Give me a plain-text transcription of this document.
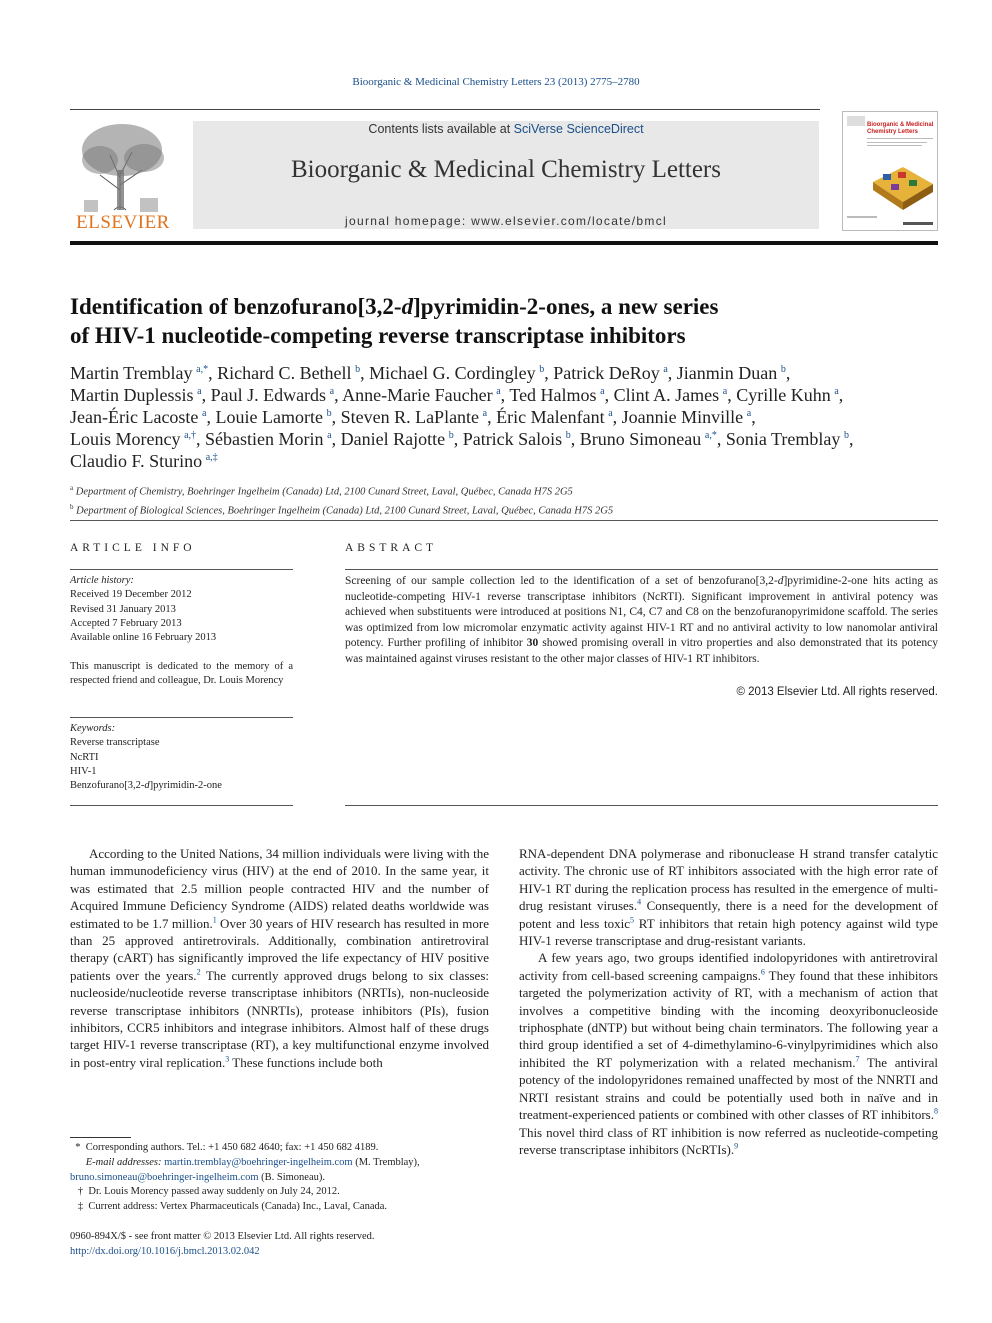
Bioorganic & Medicinal Chemistry Letters 23 (2013) 2775–2780
ELSEVIER
Contents lists available at SciVerse ScienceDirect
Bioorganic & Medicinal Chemistry Letters
journal homepage: www.elsevier.com/locate/bmcl
Bioorganic & Medicinal
Chemistry Letters
Identification of benzofurano[3,2-d]pyrimidin-2-ones, a new series
of HIV-1 nucleotide-competing reverse transcriptase inhibitors
Martin Tremblay  $^{a,*}$, Richard C. Bethell  $^b$, Michael G. Cordingley  $^b$, Patrick DeRoy  $^a$, Jianmin Duan  $^b$,
Martin Duplessis  $^a$, Paul J. Edwards  $^a$, Anne-Marie Faucher  $^a$, Ted Halmos  $^a$, Clint A. James  $^a$, Cyrille Kuhn  $^a$,
Jean-Éric Lacoste  $^a$, Louie Lamorte  $^b$, Steven R. LaPlante  $^a$, Éric Malenfant  $^a$, Joannie Minville  $^a$,
Louis Morency  $^{a,\dagger}$, Sébastien Morin  $^a$, Daniel Rajotte  $^b$, Patrick Salois  $^b$, Bruno Simoneau  $^{a,*}$, Sonia Tremblay  $^b$,
Claudio F. Sturino  $^{a,\ddagger}$
$^a$ Department of Chemistry, Boehringer Ingelheim (Canada) Ltd, 2100 Cunard Street, Laval, Québec, Canada H7S 2G5
$^b$ Department of Biological Sciences, Boehringer Ingelheim (Canada) Ltd, 2100 Cunard Street, Laval, Québec, Canada H7S 2G5
ARTICLE INFO	ABSTRACT
Article history:
Received 19 December 2012
Revised 31 January 2013
Accepted 7 February 2013
Available online 16 February 2013
This manuscript is dedicated to the memory of a respected friend and colleague, Dr. Louis Morency
Keywords:
Reverse transcriptase
NcRTI
HIV-1
Benzofurano[3,2-d]pyrimidin-2-one
Screening of our sample collection led to the identification of a set of benzofurano[3,2-d]pyrimidine-2-one hits acting as nucleotide-competing HIV-1 reverse transcriptase inhibitors (NcRTI). Significant improvement in antiviral potency was achieved when substituents were introduced at positions N1, C4, C7 and C8 on the benzofuranopyrimidone scaffold. The series was optimized from low micromolar enzymatic activity against HIV-1 RT and no antiviral activity to low nanomolar antiviral potency. Further profiling of inhibitor 30 showed promising overall in vitro properties and also demonstrated that its potency was maintained against viruses resistant to the other major classes of HIV-1 RT inhibitors.
© 2013 Elsevier Ltd. All rights reserved.

According to the United Nations, 34 million individuals were living with the human immunodeficiency virus (HIV) at the end of 2010. In the same year, it was estimated that 2.5 million people contracted HIV and the number of Acquired Immune Deficiency Syndrome (AIDS) related deaths worldwide was estimated to be 1.7 million.$^1$ Over 30 years of HIV research has resulted in more than 25 approved antiretrovirals. Additionally, combination antiretroviral therapy (cART) has significantly improved the life expectancy of HIV positive patients over the years.$^2$ The currently approved drugs belong to six classes: nucleoside/nucleotide reverse transcriptase inhibitors (NRTIs), non-nucleoside reverse transcriptase inhibitors (NNRTIs), protease inhibitors (PIs), fusion inhibitors, CCR5 inhibitors and integrase inhibitors. Almost half of these drugs target HIV-1 reverse transcriptase (RT), a key multifunctional enzyme involved in post-entry viral replication.$^3$ These functions include both

RNA-dependent DNA polymerase and ribonuclease H strand transfer catalytic activity. The chronic use of RT inhibitors associated with the high error rate of HIV-1 RT during the replication process has resulted in the emergence of multi-drug resistant viruses.$^4$ Consequently, there is a need for the development of potent and less toxic$^5$ RT inhibitors that retain high potency against wild type HIV-1 reverse transcriptase and drug-resistant variants.

A few years ago, two groups identified indolopyridones with antiretroviral activity from cell-based screening campaigns.$^6$ They found that these inhibitors targeted the polymerization activity of RT, with a mechanism of action that involves a competitive binding with the incoming deoxyribonucleoside triphosphate (dNTP) but without being chain terminators. The following year a third group identified a set of 4-dimethylamino-6-vinylpyrimidines which also inhibited the RT polymerization with a related mechanism.$^7$ The antiviral potency of the indolopyridones remained unaffected by most of the NNRTI and NRTI resistant strains and could be potentially used both in naïve and in treatment-experienced patients or combined with other classes of RT inhibitors.$^8$ This novel third class of RT inhibition is now referred as nucleotide-competing reverse transcriptase inhibitors (NcRTIs).$^9$

* Corresponding authors. Tel.: +1 450 682 4640; fax: +1 450 682 4189.
E-mail addresses: martin.tremblay@boehringer-ingelheim.com (M. Tremblay),
bruno.simoneau@boehringer-ingelheim.com (B. Simoneau).
† Dr. Louis Morency passed away suddenly on July 24, 2012.
‡ Current address: Vertex Pharmaceuticals (Canada) Inc., Laval, Canada.
0960-894X/$ - see front matter © 2013 Elsevier Ltd. All rights reserved.
http://dx.doi.org/10.1016/j.bmcl.2013.02.042
